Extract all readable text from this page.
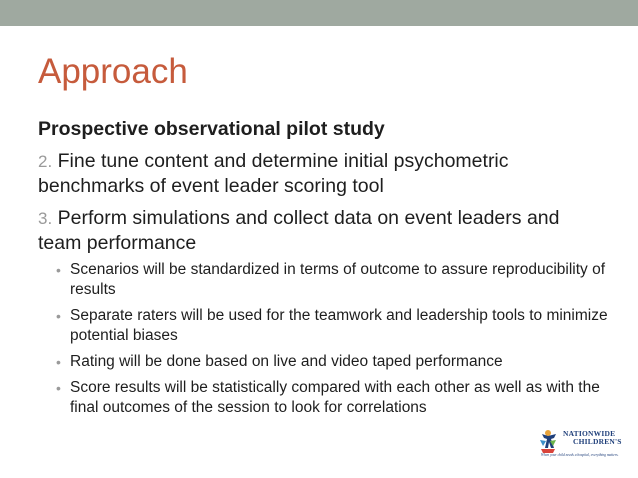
Approach
Prospective observational pilot study
2. Fine tune content and determine initial psychometric benchmarks of event leader scoring tool
3. Perform simulations and collect data on event leaders and team performance
• Scenarios will be standardized in terms of outcome to assure reproducibility of results
• Separate raters will be used for the teamwork and leadership tools to minimize potential biases
• Rating will be done based on live and video taped performance
• Score results will be statistically compared with each other as well as with the final outcomes of the session to look for correlations
NATIONWIDE
CHILDREN'S
When your child needs a hospital, everything matters.
